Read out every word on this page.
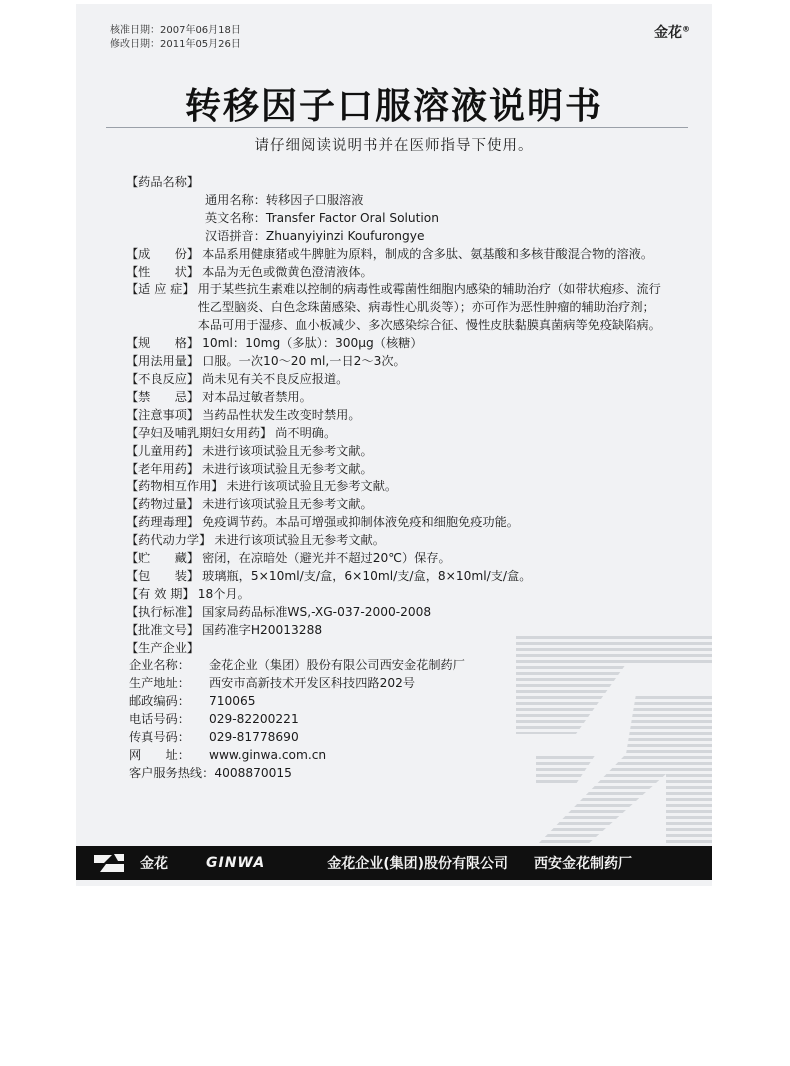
核准日期：2007年06月18日
修改日期：2011年05月26日
金花®
转移因子口服溶液说明书
请仔细阅读说明书并在医师指导下使用。
【药品名称】
通用名称：转移因子口服溶液
英文名称：Transfer Factor Oral Solution
汉语拼音：Zhuanyiyinzi Koufurongye
【成　　份】 本品系用健康猪或牛脾脏为原料，制成的含多肽、氨基酸和多核苷酸混合物的溶液。
【性　　状】 本品为无色或微黄色澄清液体。
【适 应 症】 用于某些抗生素难以控制的病毒性或霉菌性细胞内感染的辅助治疗（如带状疱疹、流行性乙型脑炎、白色念珠菌感染、病毒性心肌炎等）；亦可作为恶性肿瘤的辅助治疗剂；本品可用于湿疹、血小板减少、多次感染综合征、慢性皮肤黏膜真菌病等免疫缺陷病。
【规　　格】 10ml：10mg（多肽）：300μg（核糖）
【用法用量】 口服。一次10～20 ml,一日2～3次。
【不良反应】 尚未见有关不良反应报道。
【禁　　忌】 对本品过敏者禁用。
【注意事项】 当药品性状发生改变时禁用。
【孕妇及哺乳期妇女用药】 尚不明确。
【儿童用药】 未进行该项试验且无参考文献。
【老年用药】 未进行该项试验且无参考文献。
【药物相互作用】 未进行该项试验且无参考文献。
【药物过量】 未进行该项试验且无参考文献。
【药理毒理】 免疫调节药。本品可增强或抑制体液免疫和细胞免疫功能。
【药代动力学】 未进行该项试验且无参考文献。
【贮　　藏】 密闭，在凉暗处（避光并不超过20℃）保存。
【包　　装】 玻璃瓶，5×10ml/支/盒，6×10ml/支/盒，8×10ml/支/盒。
【有 效 期】 18个月。
【执行标准】 国家局药品标准WS,-XG-037-2000-2008
【批准文号】 国药准字H20013288
【生产企业】
企业名称： 金花企业（集团）股份有限公司西安金花制药厂
生产地址： 西安市高新技术开发区科技四路202号
邮政编码： 710065
电话号码： 029-82200221
传真号码： 029-81778690
网　　址： www.ginwa.com.cn
客户服务热线：4008870015
金花	GINWA	金花企业(集团)股份有限公司 西安金花制药厂
